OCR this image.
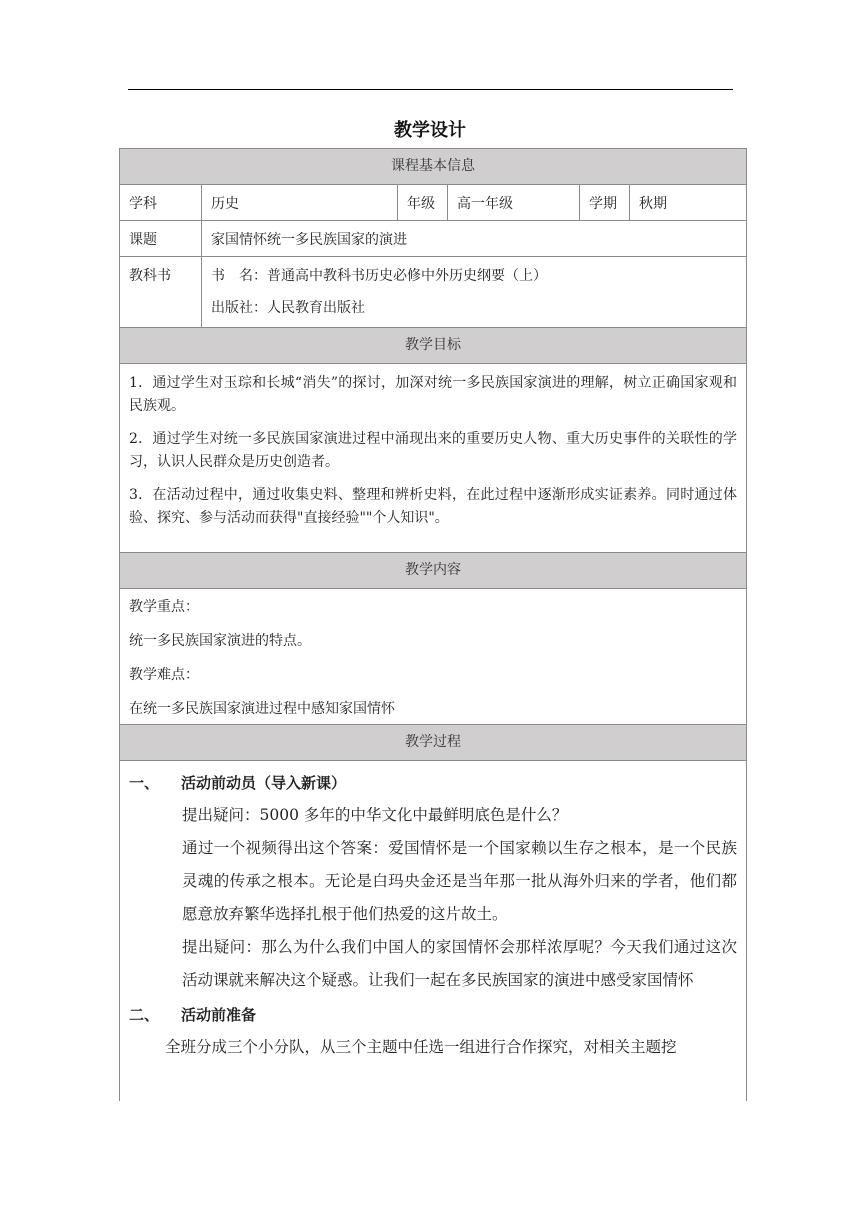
教学设计
课程基本信息
学科	历史	年级	高一年级	学期	秋期
课题	家国情怀统一多民族国家的演进
教科书	书　名：普通高中教科书历史必修中外历史纲要（上）
出版社：人民教育出版社
教学目标
1．通过学生对玉琮和长城“消失”的探讨，加深对统一多民族国家演进的理解，树立正确国家观和民族观。
2．通过学生对统一多民族国家演进过程中涌现出来的重要历史人物、重大历史事件的关联性的学习，认识人民群众是历史创造者。
3．在活动过程中，通过收集史料、整理和辨析史料，在此过程中逐渐形成实证素养。同时通过体验、探究、参与活动而获得"直接经验""个人知识"。
教学内容
教学重点：
统一多民族国家演进的特点。
教学难点：
在统一多民族国家演进过程中感知家国情怀
教学过程
一、	活动前动员（导入新课）
提出疑问：5000 多年的中华文化中最鲜明底色是什么？
通过一个视频得出这个答案：爱国情怀是一个国家赖以生存之根本，是一个民族灵魂的传承之根本。无论是白玛央金还是当年那一批从海外归来的学者，他们都愿意放弃繁华选择扎根于他们热爱的这片故土。
提出疑问：那么为什么我们中国人的家国情怀会那样浓厚呢？今天我们通过这次活动课就来解决这个疑惑。让我们一起在多民族国家的演进中感受家国情怀
二、	活动前准备
全班分成三个小分队，从三个主题中任选一组进行合作探究，对相关主题挖
